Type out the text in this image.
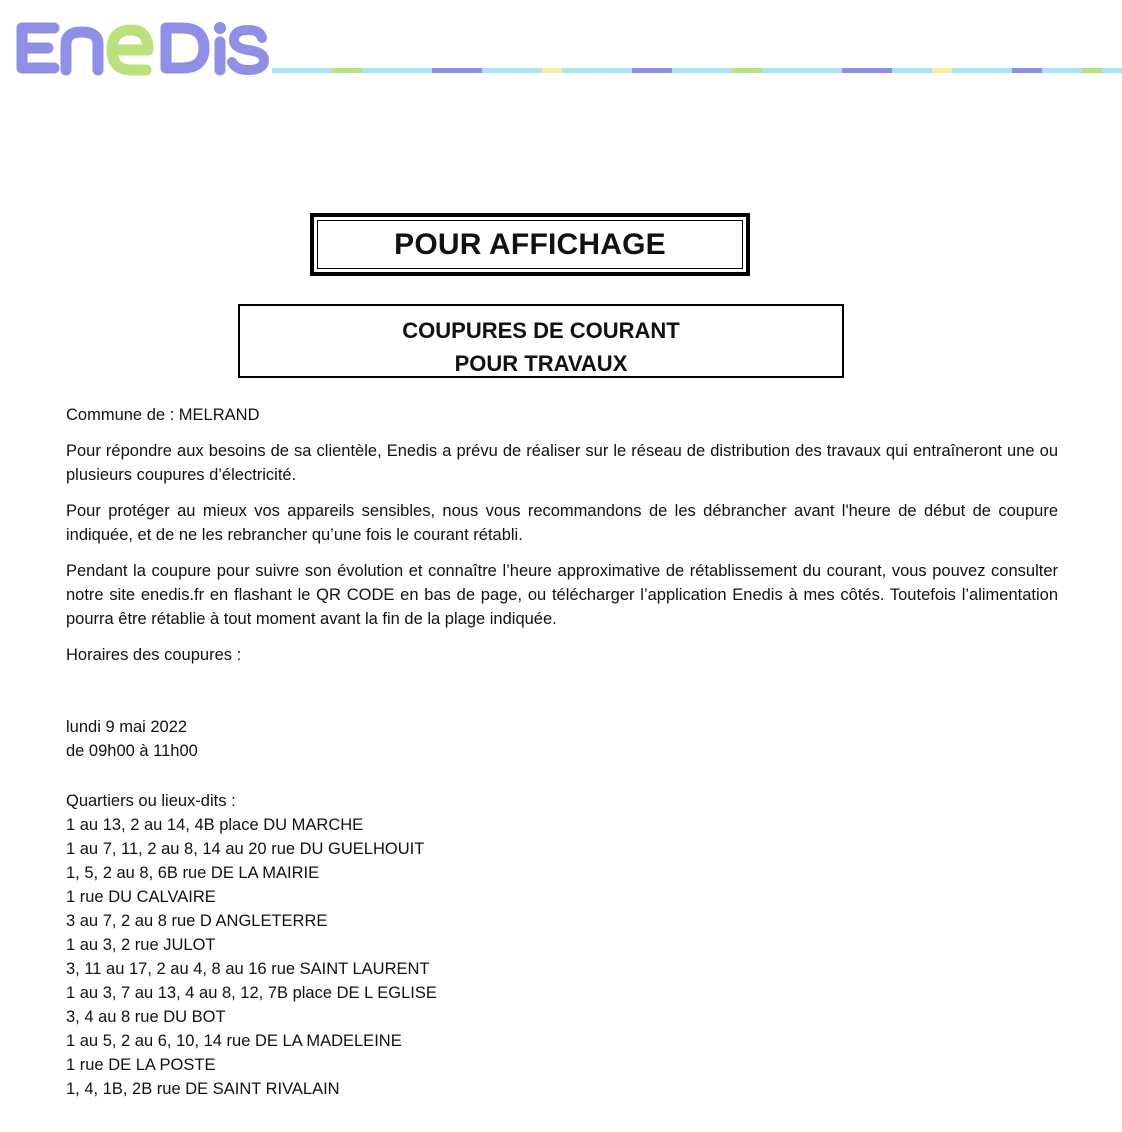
POUR AFFICHAGE
COUPURES DE COURANT
POUR TRAVAUX

Commune de : MELRAND

Pour répondre aux besoins de sa clientèle, Enedis a prévu de réaliser sur le réseau de distribution des travaux qui entraîneront une ou plusieurs coupures d’électricité.

Pour protéger au mieux vos appareils sensibles, nous vous recommandons de les débrancher avant l'heure de début de coupure indiquée, et de ne les rebrancher qu’une fois le courant rétabli.

Pendant la coupure pour suivre son évolution et connaître l’heure approximative de rétablissement du courant, vous pouvez consulter notre site enedis.fr en flashant le QR CODE en bas de page, ou télécharger l’application Enedis à mes côtés. Toutefois l’alimentation pourra être rétablie à tout moment avant la fin de la plage indiquée.

Horaires des coupures :

lundi 9 mai 2022
de 09h00 à 11h00
Quartiers ou lieux-dits :
1 au 13, 2 au 14, 4B place DU MARCHE
1 au 7, 11, 2 au 8, 14 au 20 rue DU GUELHOUIT
1, 5, 2 au 8, 6B rue DE LA MAIRIE
1 rue DU CALVAIRE
3 au 7, 2 au 8 rue D ANGLETERRE
1 au 3, 2 rue JULOT
3, 11 au 17, 2 au 4, 8 au 16 rue SAINT LAURENT
1 au 3, 7 au 13, 4 au 8, 12, 7B place DE L EGLISE
3, 4 au 8 rue DU BOT
1 au 5, 2 au 6, 10, 14 rue DE LA MADELEINE
1 rue DE LA POSTE
1, 4, 1B, 2B rue DE SAINT RIVALAIN
